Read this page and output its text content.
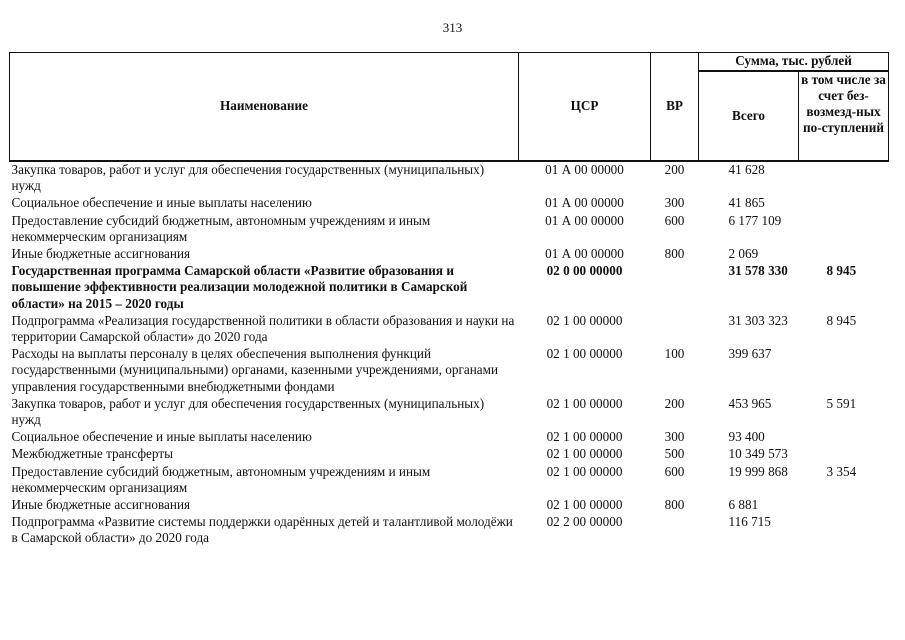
313
Наименование	ЦСР	ВР	Сумма, тыс. рублей	
			Всего	в том числе за счет без-возмезд-ных по-ступлений
Закупка товаров, работ и услуг для обеспечения государственных (муниципальных) нужд	01 А 00 00000	200	41 628	
Социальное обеспечение и иные выплаты населению	01 А 00 00000	300	41 865	
Предоставление субсидий бюджетным, автономным учреждениям и иным некоммерческим организациям	01 А 00 00000	600	6 177 109	
Иные бюджетные ассигнования	01 А 00 00000	800	2 069	
Государственная программа Самарской области «Развитие образования и повышение эффективности реализации молодежной политики в Самарской области» на 2015 – 2020 годы	02 0 00 00000		31 578 330	8 945
Подпрограмма «Реализация государственной политики в области образования и науки на территории Самарской области» до 2020 года	02 1 00 00000		31 303 323	8 945
Расходы на выплаты персоналу в целях обеспечения выполнения функций государственными (муниципальными) органами, казенными учреждениями, органами управления государственными внебюджетными фондами	02 1 00 00000	100	399 637	
Закупка товаров, работ и услуг для обеспечения государственных (муниципальных) нужд	02 1 00 00000	200	453 965	5 591
Социальное обеспечение и иные выплаты населению	02 1 00 00000	300	93 400	
Межбюджетные трансферты	02 1 00 00000	500	10 349 573	
Предоставление субсидий бюджетным, автономным учреждениям и иным некоммерческим организациям	02 1 00 00000	600	19 999 868	3 354
Иные бюджетные ассигнования	02 1 00 00000	800	6 881	
Подпрограмма «Развитие системы поддержки одарённых детей и талантливой молодёжи в Самарской области» до 2020 года	02 2 00 00000		116 715	
